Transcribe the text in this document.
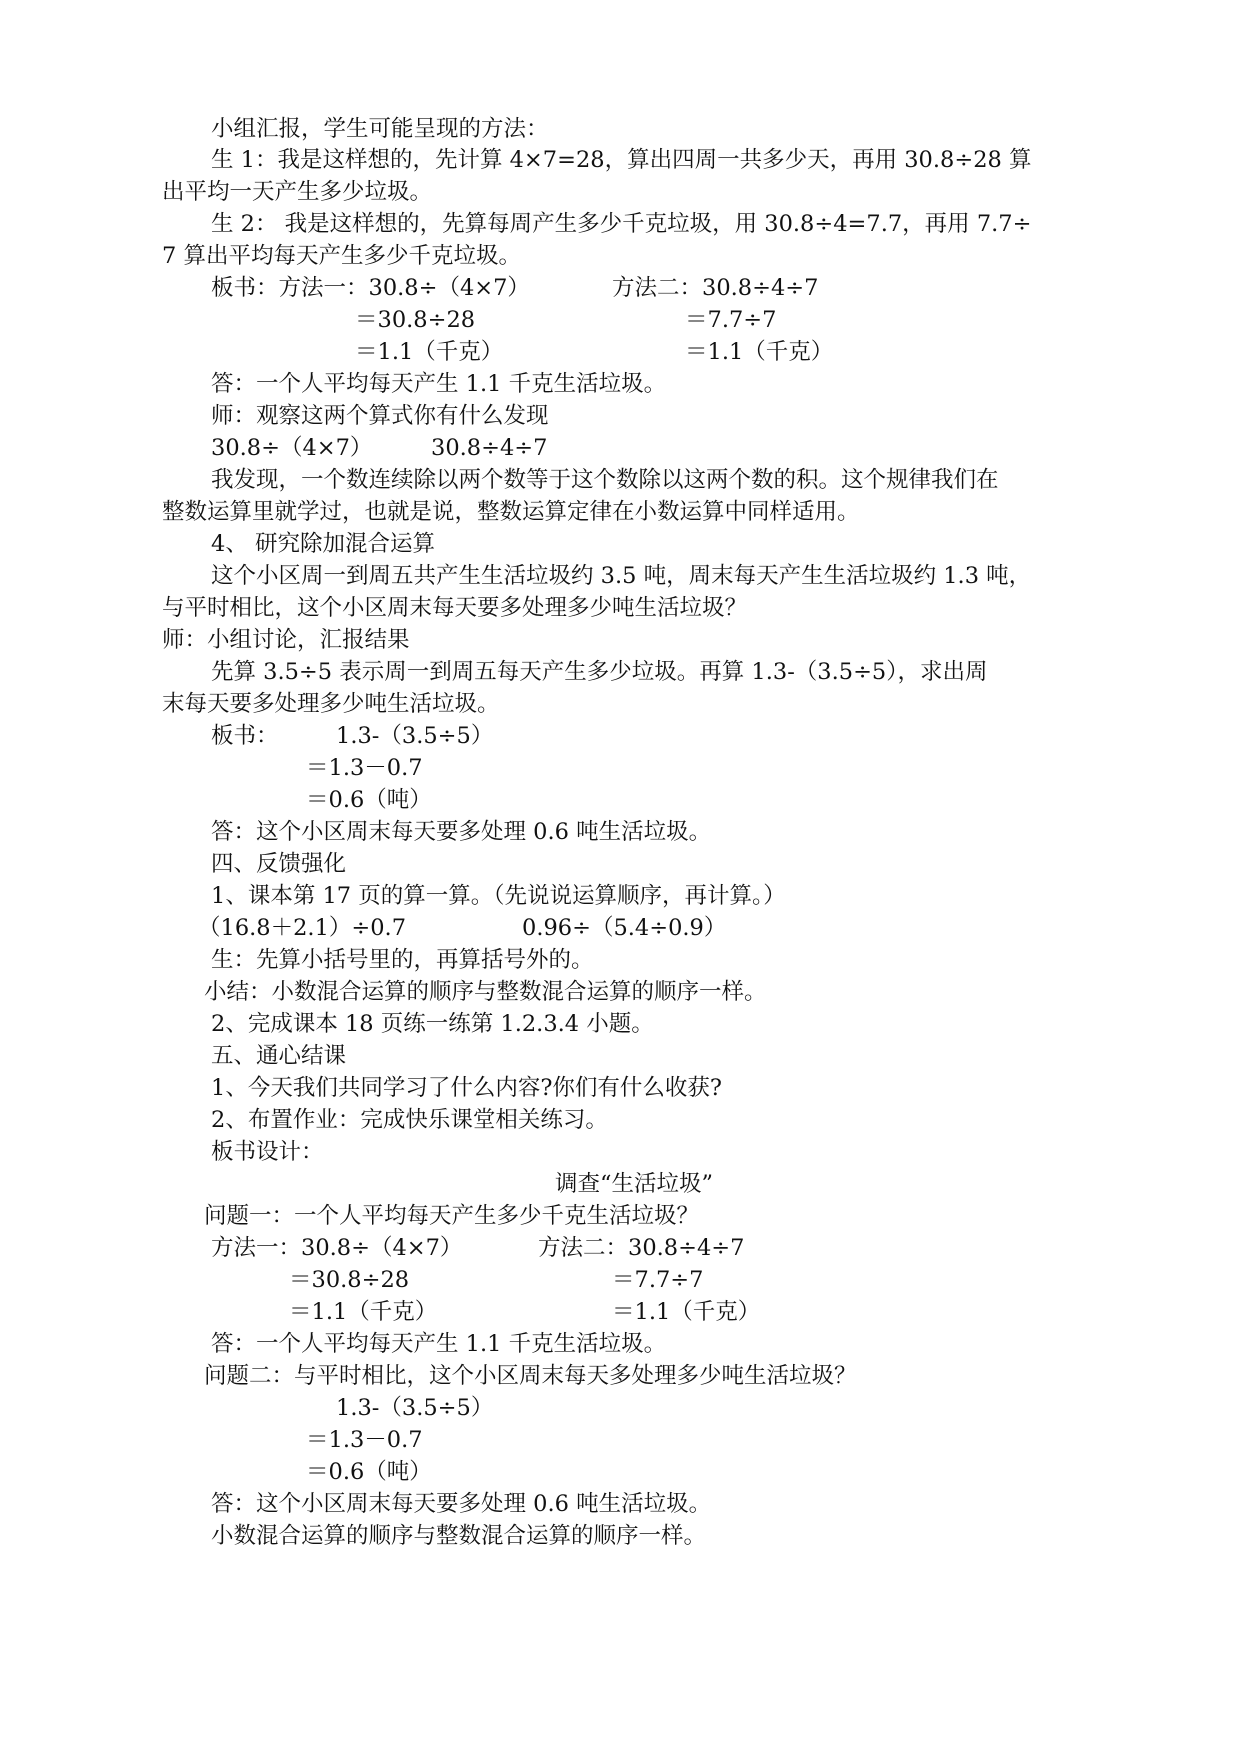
小组汇报，学生可能呈现的方法：
生 1：我是这样想的，先计算 4×7=28，算出四周一共多少天，再用 30.8÷28 算
出平均一天产生多少垃圾。
生 2： 我是这样想的，先算每周产生多少千克垃圾，用 30.8÷4=7.7，再用 7.7÷
7 算出平均每天产生多少千克垃圾。
板书：方法一：30.8÷（4×7）	方法二：30.8÷4÷7
＝30.8÷28	＝7.7÷7
＝1.1（千克）	＝1.1（千克）
答：一个人平均每天产生 1.1 千克生活垃圾。
师：观察这两个算式你有什么发现
30.8÷（4×7）	30.8÷4÷7
我发现，一个数连续除以两个数等于这个数除以这两个数的积。这个规律我们在
整数运算里就学过，也就是说，整数运算定律在小数运算中同样适用。
4、 研究除加混合运算
这个小区周一到周五共产生生活垃圾约 3.5 吨，周末每天产生生活垃圾约 1.3 吨，
与平时相比，这个小区周末每天要多处理多少吨生活垃圾？
师：小组讨论，汇报结果
先算 3.5÷5 表示周一到周五每天产生多少垃圾。再算 1.3-（3.5÷5），求出周
末每天要多处理多少吨生活垃圾。
板书：	1.3-（3.5÷5）
＝1.3－0.7
＝0.6（吨）
答：这个小区周末每天要多处理 0.6 吨生活垃圾。
四、反馈强化
1、课本第 17 页的算一算。（先说说运算顺序，再计算。）
（16.8＋2.1）÷0.7	0.96÷（5.4÷0.9）
生：先算小括号里的，再算括号外的。
小结：小数混合运算的顺序与整数混合运算的顺序一样。
2、完成课本 18 页练一练第 1.2.3.4 小题。
五、通心结课
1、今天我们共同学习了什么内容?你们有什么收获?
2、布置作业：完成快乐课堂相关练习。
板书设计：
调查“生活垃圾”
问题一：一个人平均每天产生多少千克生活垃圾？
方法一：30.8÷（4×7）	方法二：30.8÷4÷7
＝30.8÷28	＝7.7÷7
＝1.1（千克）	＝1.1（千克）
答：一个人平均每天产生 1.1 千克生活垃圾。
问题二：与平时相比，这个小区周末每天多处理多少吨生活垃圾？
1.3-（3.5÷5）
＝1.3－0.7
＝0.6（吨）
答：这个小区周末每天要多处理 0.6 吨生活垃圾。
小数混合运算的顺序与整数混合运算的顺序一样。
